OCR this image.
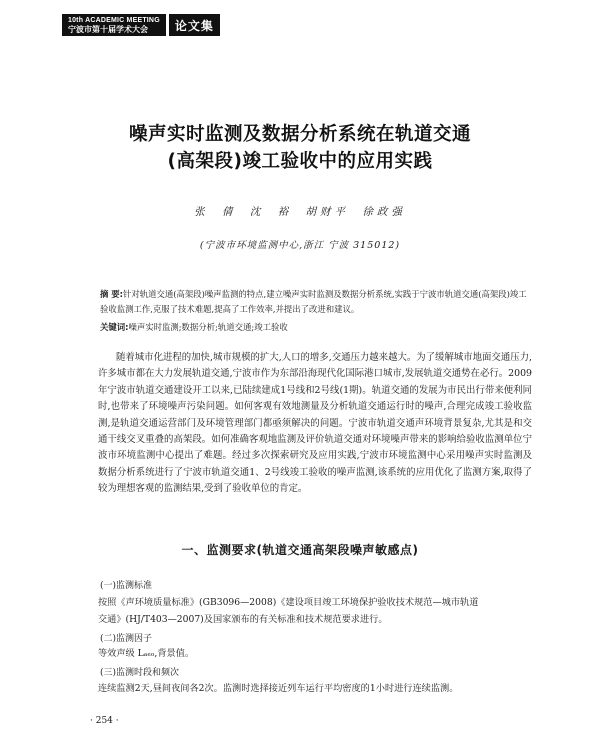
10th ACADEMIC MEETING
宁波市第十届学术大会	论文集
噪声实时监测及数据分析系统在轨道交通
(高架段)竣工验收中的应用实践
张 倩 沈 裕 胡财平 徐政强
(宁波市环境监测中心,浙江 宁波 315012)
摘 要:针对轨道交通(高架段)噪声监测的特点,建立噪声实时监测及数据分析系统,实践于宁波市轨道交通(高架段)竣工验收监测工作,克服了技术难题,提高了工作效率,并提出了改进和建议。
关键词:噪声实时监测;数据分析;轨道交通;竣工验收
随着城市化进程的加快,城市规模的扩大,人口的增多,交通压力越来越大。为了缓解城市地面交通压力,许多城市都在大力发展轨道交通,宁波市作为东部沿海现代化国际港口城市,发展轨道交通势在必行。2009年宁波市轨道交通建设开工以来,已陆续建成1号线和2号线(1期)。轨道交通的发展为市民出行带来便利同时,也带来了环境噪声污染问题。如何客观有效地测量及分析轨道交通运行时的噪声,合理完成竣工验收监测,是轨道交通运营部门及环境管理部门都亟须解决的问题。宁波市轨道交通声环境背景复杂,尤其是和交通干线交叉重叠的高架段。如何准确客观地监测及评价轨道交通对环境噪声带来的影响给验收监测单位宁波市环境监测中心提出了难题。经过多次探索研究及应用实践,宁波市环境监测中心采用噪声实时监测及数据分析系统进行了宁波市轨道交通1、2号线竣工验收的噪声监测,该系统的应用优化了监测方案,取得了较为理想客观的监测结果,受到了验收单位的肯定。
一、监测要求(轨道交通高架段噪声敏感点)
(一)监测标准
按照《声环境质量标准》(GB3096—2008)《建设项目竣工环境保护验收技术规范—城市轨道
交通》(HJ/T403—2007)及国家颁布的有关标准和技术规范要求进行。
(二)监测因子
等效声级 Lₐₑₒ,背景值。
(三)监测时段和频次
连续监测2天,昼间夜间各2次。监测时选择接近列车运行平均密度的1小时进行连续监测。
· 254 ·
